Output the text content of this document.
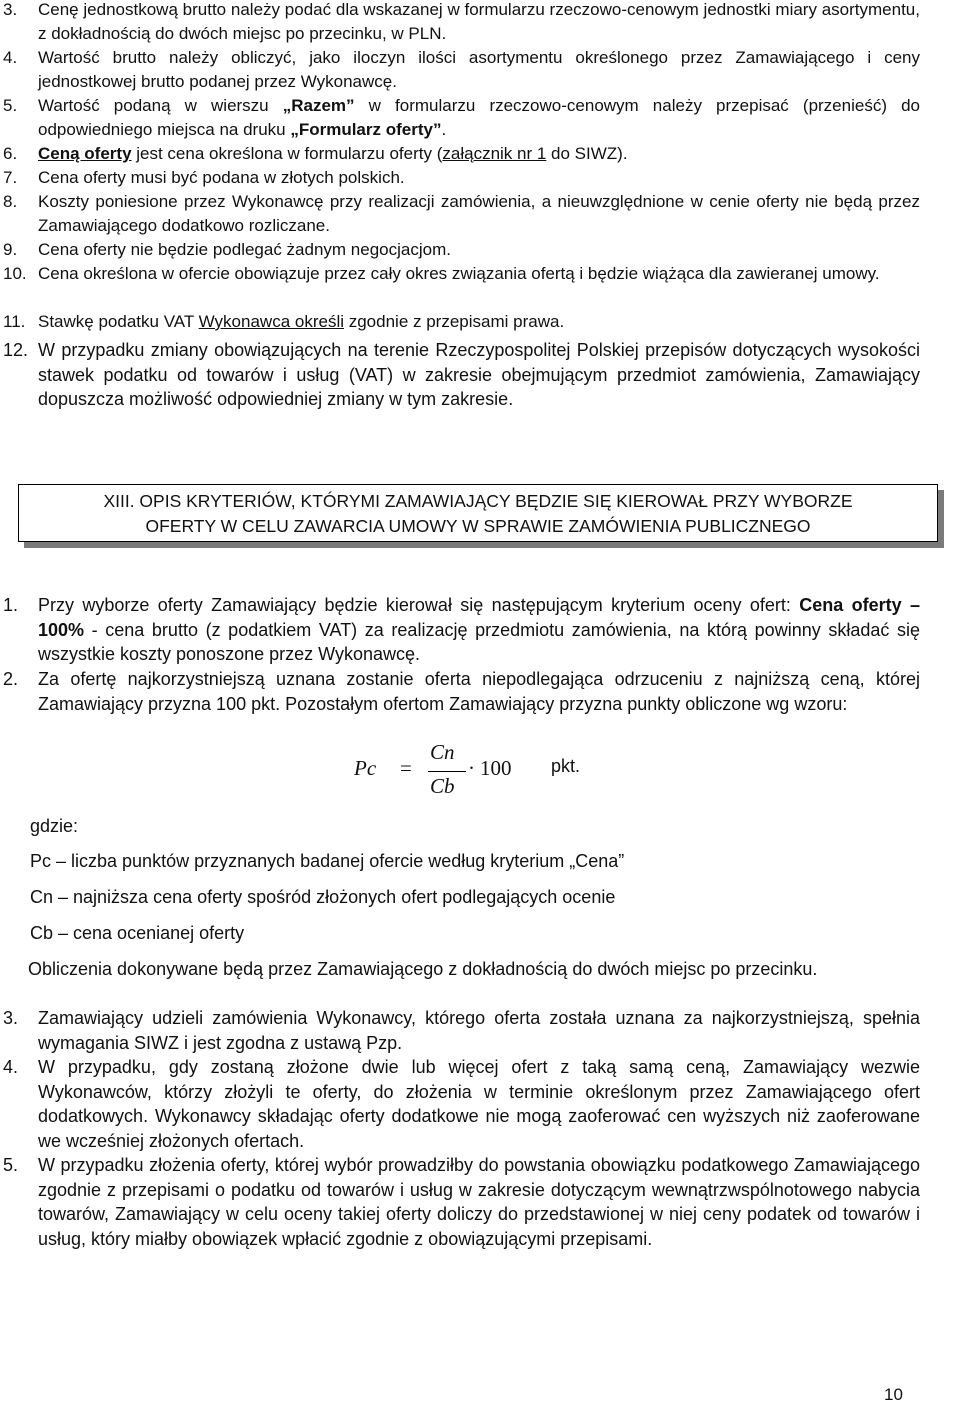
3. Cenę jednostkową brutto należy podać dla wskazanej w formularzu rzeczowo-cenowym jednostki miary asortymentu, z dokładnością do dwóch miejsc po przecinku, w PLN.
4. Wartość brutto należy obliczyć, jako iloczyn ilości asortymentu określonego przez Zamawiającego i ceny jednostkowej brutto podanej przez Wykonawcę.
5. Wartość podaną w wierszu „Razem” w formularzu rzeczowo-cenowym należy przepisać (przenieść) do odpowiedniego miejsca na druku „Formularz oferty”.
6. Ceną oferty jest cena określona w formularzu oferty (załącznik nr 1 do SIWZ).
7. Cena oferty musi być podana w złotych polskich.
8. Koszty poniesione przez Wykonawcę przy realizacji zamówienia, a nieuwzględnione w cenie oferty nie będą przez Zamawiającego dodatkowo rozliczane.
9. Cena oferty nie będzie podlegać żadnym negocjacjom.
10. Cena określona w ofercie obowiązuje przez cały okres związania ofertą i będzie wiążąca dla zawieranej umowy.
11. Stawkę podatku VAT Wykonawca określi zgodnie z przepisami prawa.
12. W przypadku zmiany obowiązujących na terenie Rzeczypospolitej Polskiej przepisów dotyczących wysokości stawek podatku od towarów i usług (VAT) w zakresie obejmującym przedmiot zamówienia, Zamawiający dopuszcza możliwość odpowiedniej zmiany w tym zakresie.
XIII. OPIS KRYTERIÓW, KTÓRYMI ZAMAWIAJĄCY BĘDZIE SIĘ KIEROWAŁ PRZY WYBORZE
OFERTY W CELU ZAWARCIA UMOWY W SPRAWIE ZAMÓWIENIA PUBLICZNEGO
1. Przy wyborze oferty Zamawiający będzie kierował się następującym kryterium oceny ofert: Cena oferty – 100% - cena brutto (z podatkiem VAT) za realizację przedmiotu zamówienia, na którą powinny składać się wszystkie koszty ponoszone przez Wykonawcę.
2. Za ofertę najkorzystniejszą uznana zostanie oferta niepodlegająca odrzuceniu z najniższą ceną, której Zamawiający przyzna 100 pkt. Pozostałym ofertom Zamawiający przyzna punkty obliczone wg wzoru:
Pc =
Cn
Cb
· 100 pkt.
gdzie:
Pc – liczba punktów przyznanych badanej ofercie według kryterium „Cena”
Cn – najniższa cena oferty spośród złożonych ofert podlegających ocenie
Cb – cena ocenianej oferty
Obliczenia dokonywane będą przez Zamawiającego z dokładnością do dwóch miejsc po przecinku.
3. Zamawiający udzieli zamówienia Wykonawcy, którego oferta została uznana za najkorzystniejszą, spełnia wymagania SIWZ i jest zgodna z ustawą Pzp.
4. W przypadku, gdy zostaną złożone dwie lub więcej ofert z taką samą ceną, Zamawiający wezwie Wykonawców, którzy złożyli te oferty, do złożenia w terminie określonym przez Zamawiającego ofert dodatkowych. Wykonawcy składając oferty dodatkowe nie mogą zaoferować cen wyższych niż zaoferowane we wcześniej złożonych ofertach.
5. W przypadku złożenia oferty, której wybór prowadziłby do powstania obowiązku podatkowego Zamawiającego zgodnie z przepisami o podatku od towarów i usług w zakresie dotyczącym wewnątrzwspólnotowego nabycia towarów, Zamawiający w celu oceny takiej oferty doliczy do przedstawionej w niej ceny podatek od towarów i usług, który miałby obowiązek wpłacić zgodnie z obowiązującymi przepisami.
10
